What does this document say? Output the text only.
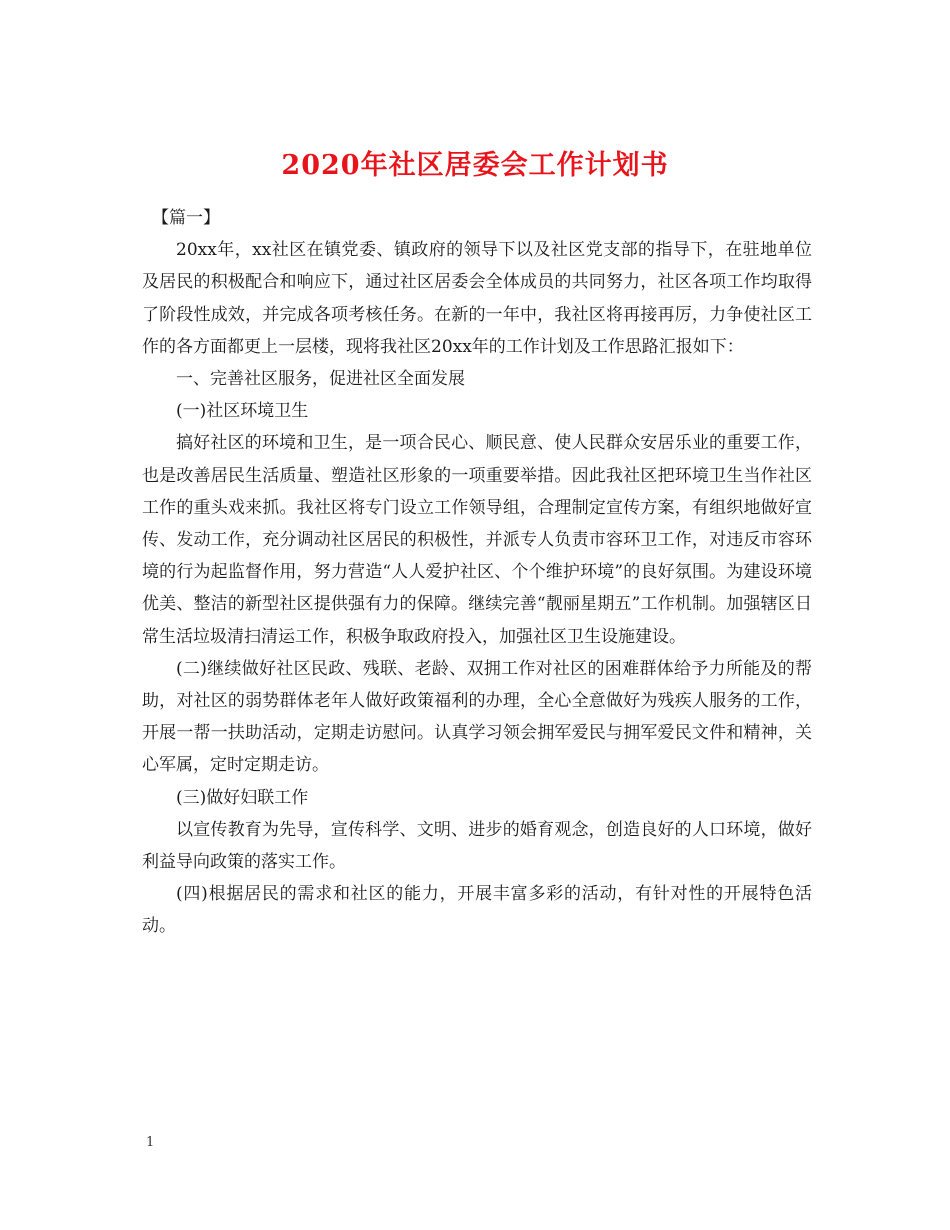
2020年社区居委会工作计划书

【篇一】

20xx年，xx社区在镇党委、镇政府的领导下以及社区党支部的指导下，在驻地单位及居民的积极配合和响应下，通过社区居委会全体成员的共同努力，社区各项工作均取得了阶段性成效，并完成各项考核任务。在新的一年中，我社区将再接再厉，力争使社区工作的各方面都更上一层楼，现将我社区20xx年的工作计划及工作思路汇报如下：

一、完善社区服务，促进社区全面发展

(一)社区环境卫生

搞好社区的环境和卫生，是一项合民心、顺民意、使人民群众安居乐业的重要工作，也是改善居民生活质量、塑造社区形象的一项重要举措。因此我社区把环境卫生当作社区工作的重头戏来抓。我社区将专门设立工作领导组，合理制定宣传方案，有组织地做好宣传、发动工作，充分调动社区居民的积极性，并派专人负责市容环卫工作，对违反市容环境的行为起监督作用，努力营造“人人爱护社区、个个维护环境”的良好氛围。为建设环境优美、整洁的新型社区提供强有力的保障。继续完善“靓丽星期五”工作机制。加强辖区日常生活垃圾清扫清运工作，积极争取政府投入，加强社区卫生设施建设。

(二)继续做好社区民政、残联、老龄、双拥工作对社区的困难群体给予力所能及的帮助，对社区的弱势群体老年人做好政策福利的办理，全心全意做好为残疾人服务的工作，开展一帮一扶助活动，定期走访慰问。认真学习领会拥军爱民与拥军爱民文件和精神，关心军属，定时定期走访。

(三)做好妇联工作

以宣传教育为先导，宣传科学、文明、进步的婚育观念，创造良好的人口环境，做好利益导向政策的落实工作。

(四)根据居民的需求和社区的能力，开展丰富多彩的活动，有针对性的开展特色活动。

1
